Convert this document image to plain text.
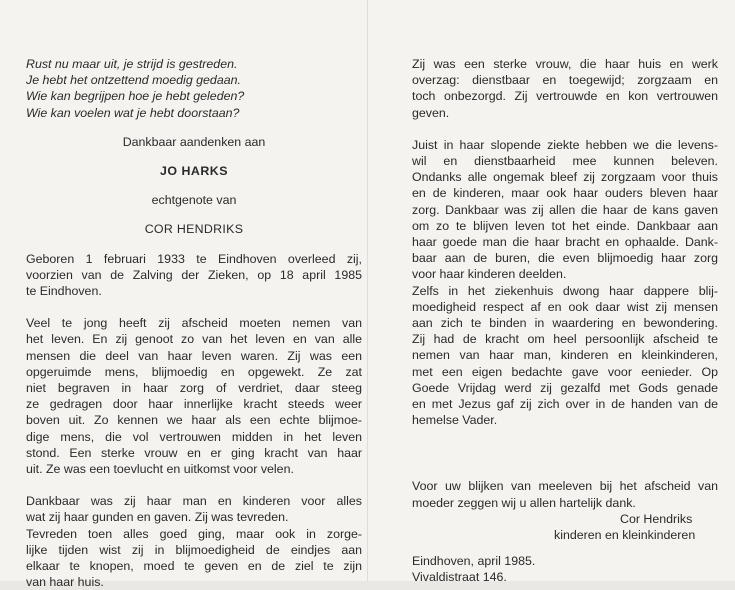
Rust nu maar uit, je strijd is gestreden.
Je hebt het ontzettend moedig gedaan.
Wie kan begrijpen hoe je hebt geleden?
Wie kan voelen wat je hebt doorstaan?
Dankbaar aandenken aan
JO HARKS
echtgenote van
COR HENDRIKS
Geboren 1 februari 1933 te Eindhoven overleed zij,
voorzien van de Zalving der Zieken, op 18 april 1985
te Eindhoven.
Veel te jong heeft zij afscheid moeten nemen van
het leven. En zij genoot zo van het leven en van alle
mensen die deel van haar leven waren. Zij was een
opgeruimde mens, blijmoedig en opgewekt. Ze zat
niet begraven in haar zorg of verdriet, daar steeg
ze gedragen door haar innerlijke kracht steeds weer
boven uit. Zo kennen we haar als een echte blijmoe-
dige mens, die vol vertrouwen midden in het leven
stond. Een sterke vrouw en er ging kracht van haar
uit. Ze was een toevlucht en uitkomst voor velen.
Dankbaar was zij haar man en kinderen voor alles
wat zij haar gunden en gaven. Zij was tevreden.
Tevreden toen alles goed ging, maar ook in zorge-
lijke tijden wist zij in blijmoedigheid de eindjes aan
elkaar te knopen, moed te geven en de ziel te zijn
van haar huis.
Zij was een sterke vrouw, die haar huis en werk
overzag: dienstbaar en toegewijd; zorgzaam en
toch onbezorgd. Zij vertrouwde en kon vertrouwen
geven.
Juist in haar slopende ziekte hebben we die levens-
wil en dienstbaarheid mee kunnen beleven.
Ondanks alle ongemak bleef zij zorgzaam voor thuis
en de kinderen, maar ook haar ouders bleven haar
zorg. Dankbaar was zij allen die haar de kans gaven
om zo te blijven leven tot het einde. Dankbaar aan
haar goede man die haar bracht en ophaalde. Dank-
baar aan de buren, die even blijmoedig haar zorg
voor haar kinderen deelden.
Zelfs in het ziekenhuis dwong haar dappere blij-
moedigheid respect af en ook daar wist zij mensen
aan zich te binden in waardering en bewondering.
Zij had de kracht om heel persoonlijk afscheid te
nemen van haar man, kinderen en kleinkinderen,
met een eigen bedachte gave voor eenieder. Op
Goede Vrijdag werd zij gezalfd met Gods genade
en met Jezus gaf zij zich over in de handen van de
hemelse Vader.
Voor uw blijken van meeleven bij het afscheid van
moeder zeggen wij u allen hartelijk dank.
Cor Hendriks
kinderen en kleinkinderen
Eindhoven, april 1985.
Vivaldistraat 146.
